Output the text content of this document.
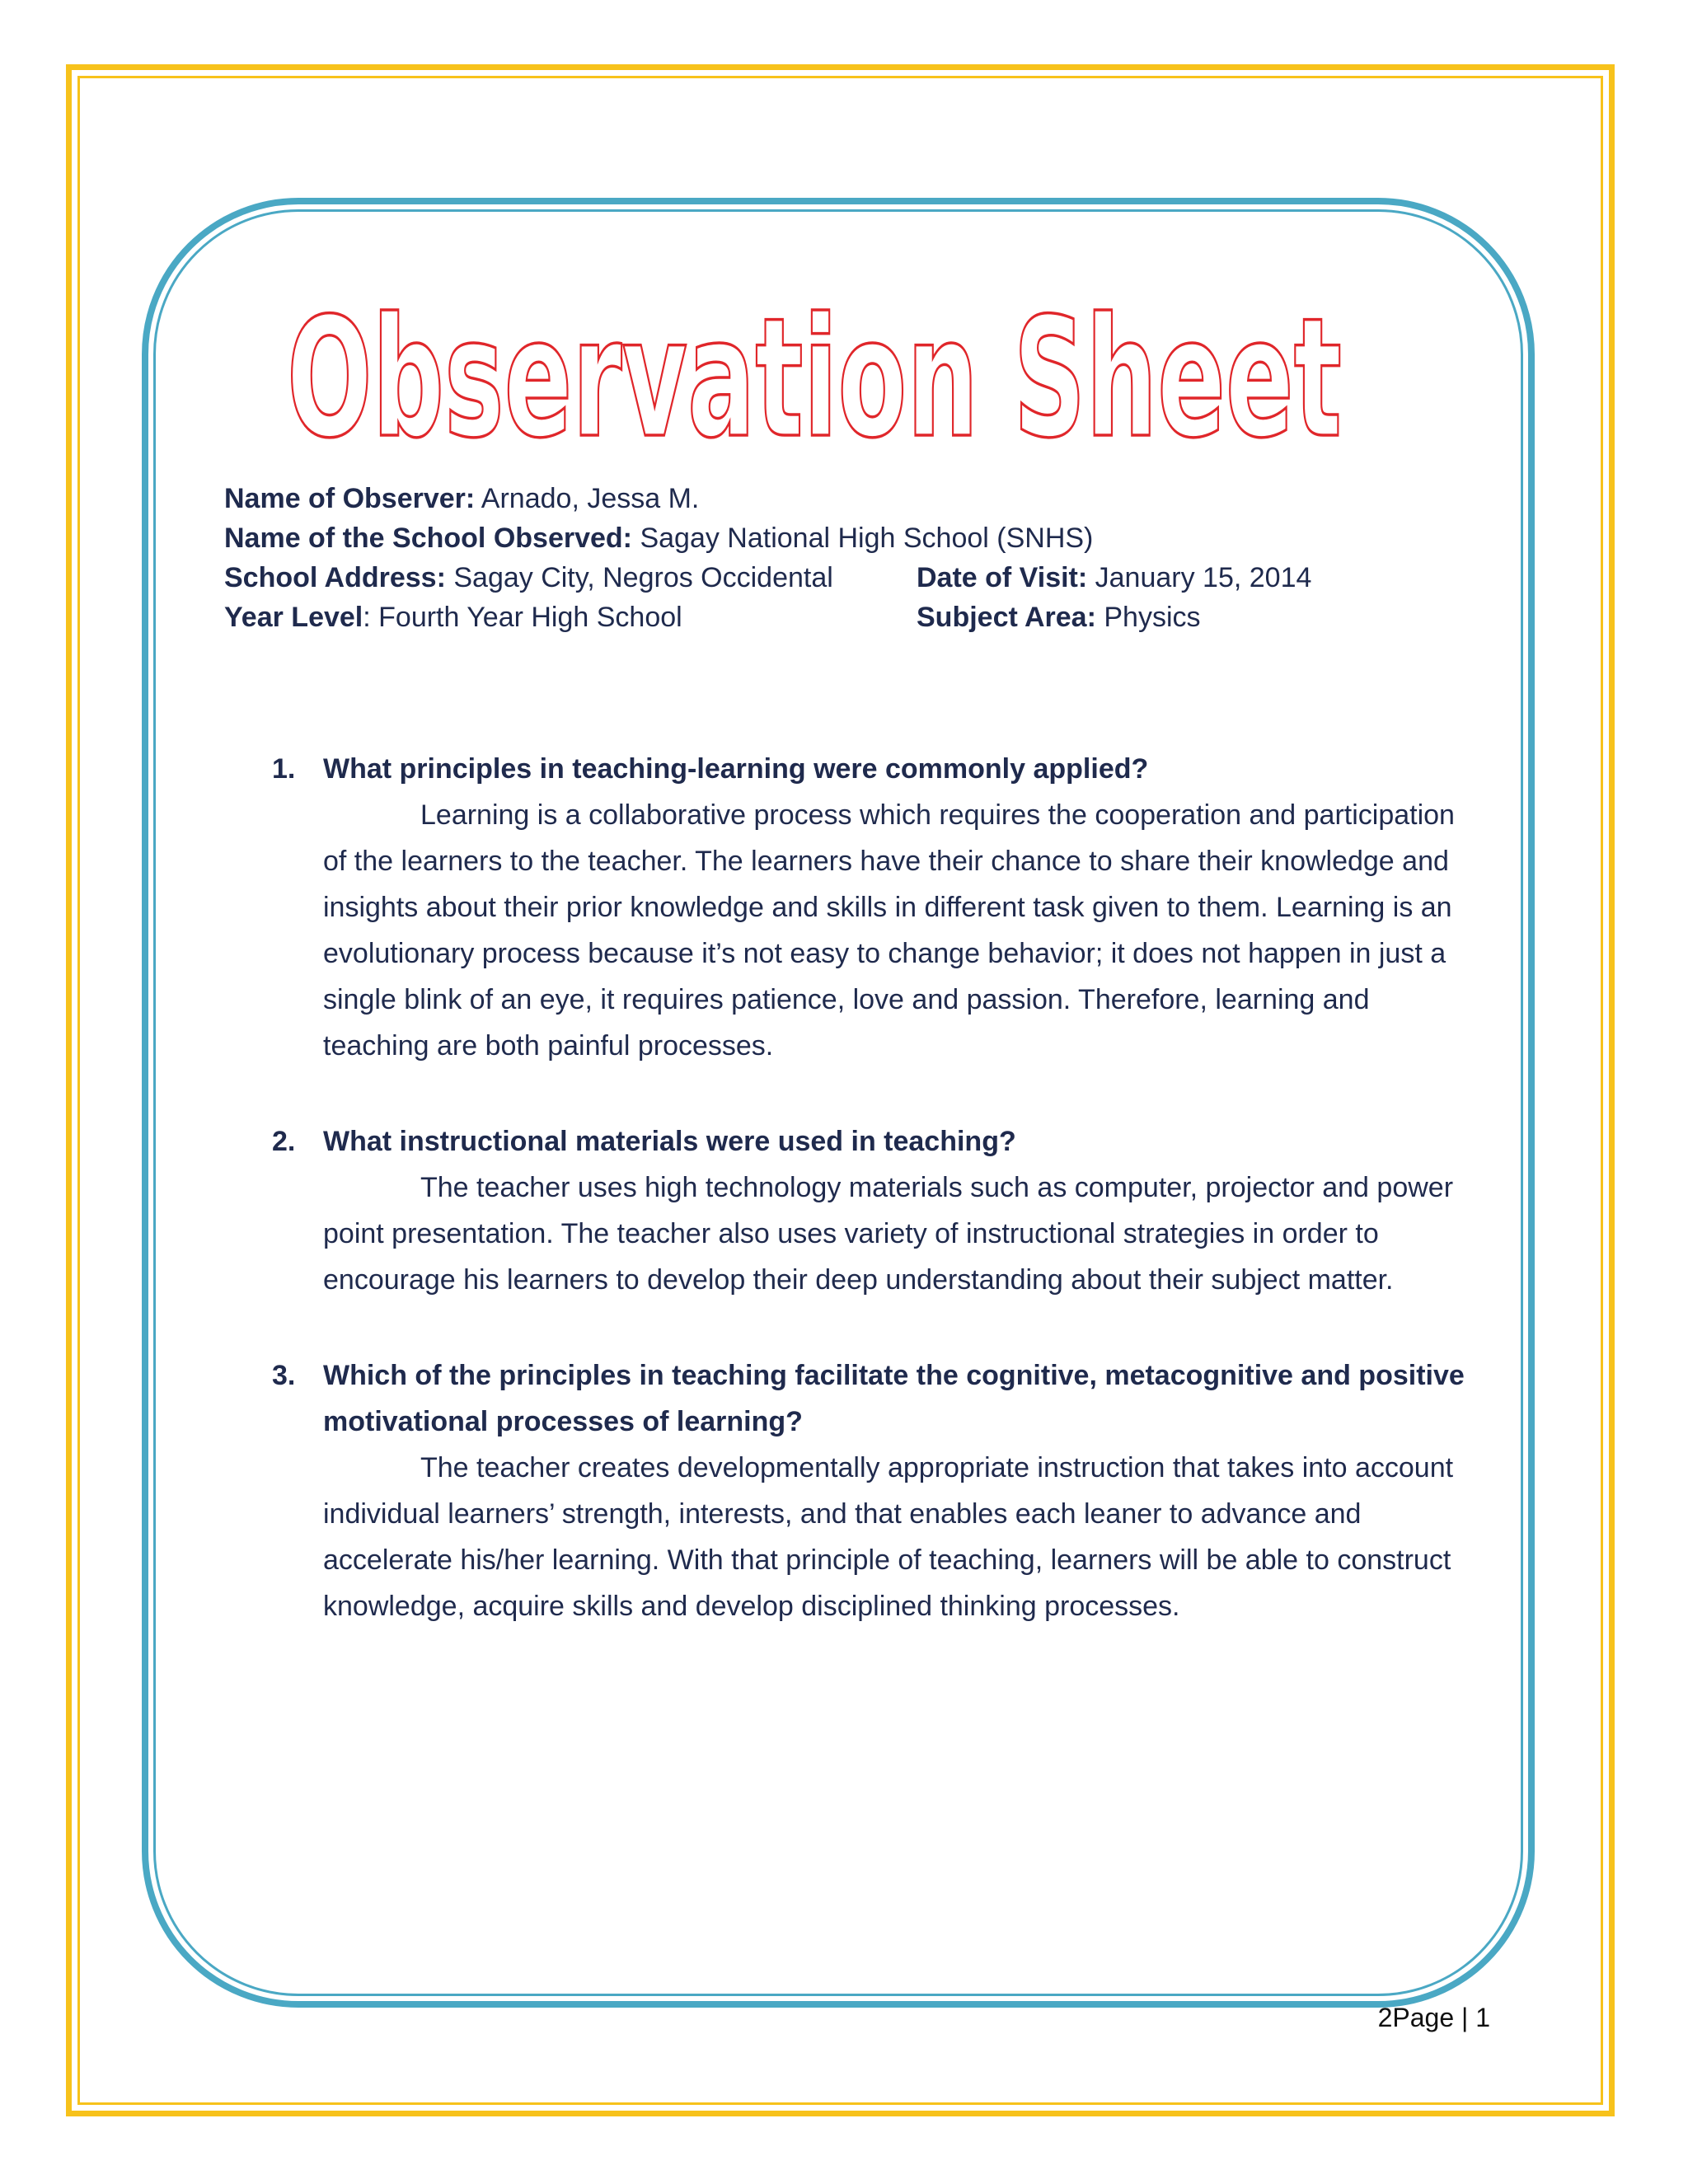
Observation Sheet
Name of Observer: Arnado, Jessa M.
Name of the School Observed: Sagay National High School (SNHS)
School Address: Sagay City, Negros Occidental	Date of Visit: January 15, 2014
Year Level: Fourth Year High School	Subject Area: Physics
1. What principles in teaching-learning were commonly applied?
Learning is a collaborative process which requires the cooperation and participation of the learners to the teacher. The learners have their chance to share their knowledge and insights about their prior knowledge and skills in different task given to them. Learning is an evolutionary process because it’s not easy to change behavior; it does not happen in just a single blink of an eye, it requires patience, love and passion. Therefore, learning and teaching are both painful processes.
2. What instructional materials were used in teaching?
The teacher uses high technology materials such as computer, projector and power point presentation. The teacher also uses variety of instructional strategies in order to encourage his learners to develop their deep understanding about their subject matter.
3. Which of the principles in teaching facilitate the cognitive, metacognitive and positive motivational processes of learning?
The teacher creates developmentally appropriate instruction that takes into account individual learners’ strength, interests, and that enables each leaner to advance and accelerate his/her learning. With that principle of teaching, learners will be able to construct knowledge, acquire skills and develop disciplined thinking processes.
2Page | 1
